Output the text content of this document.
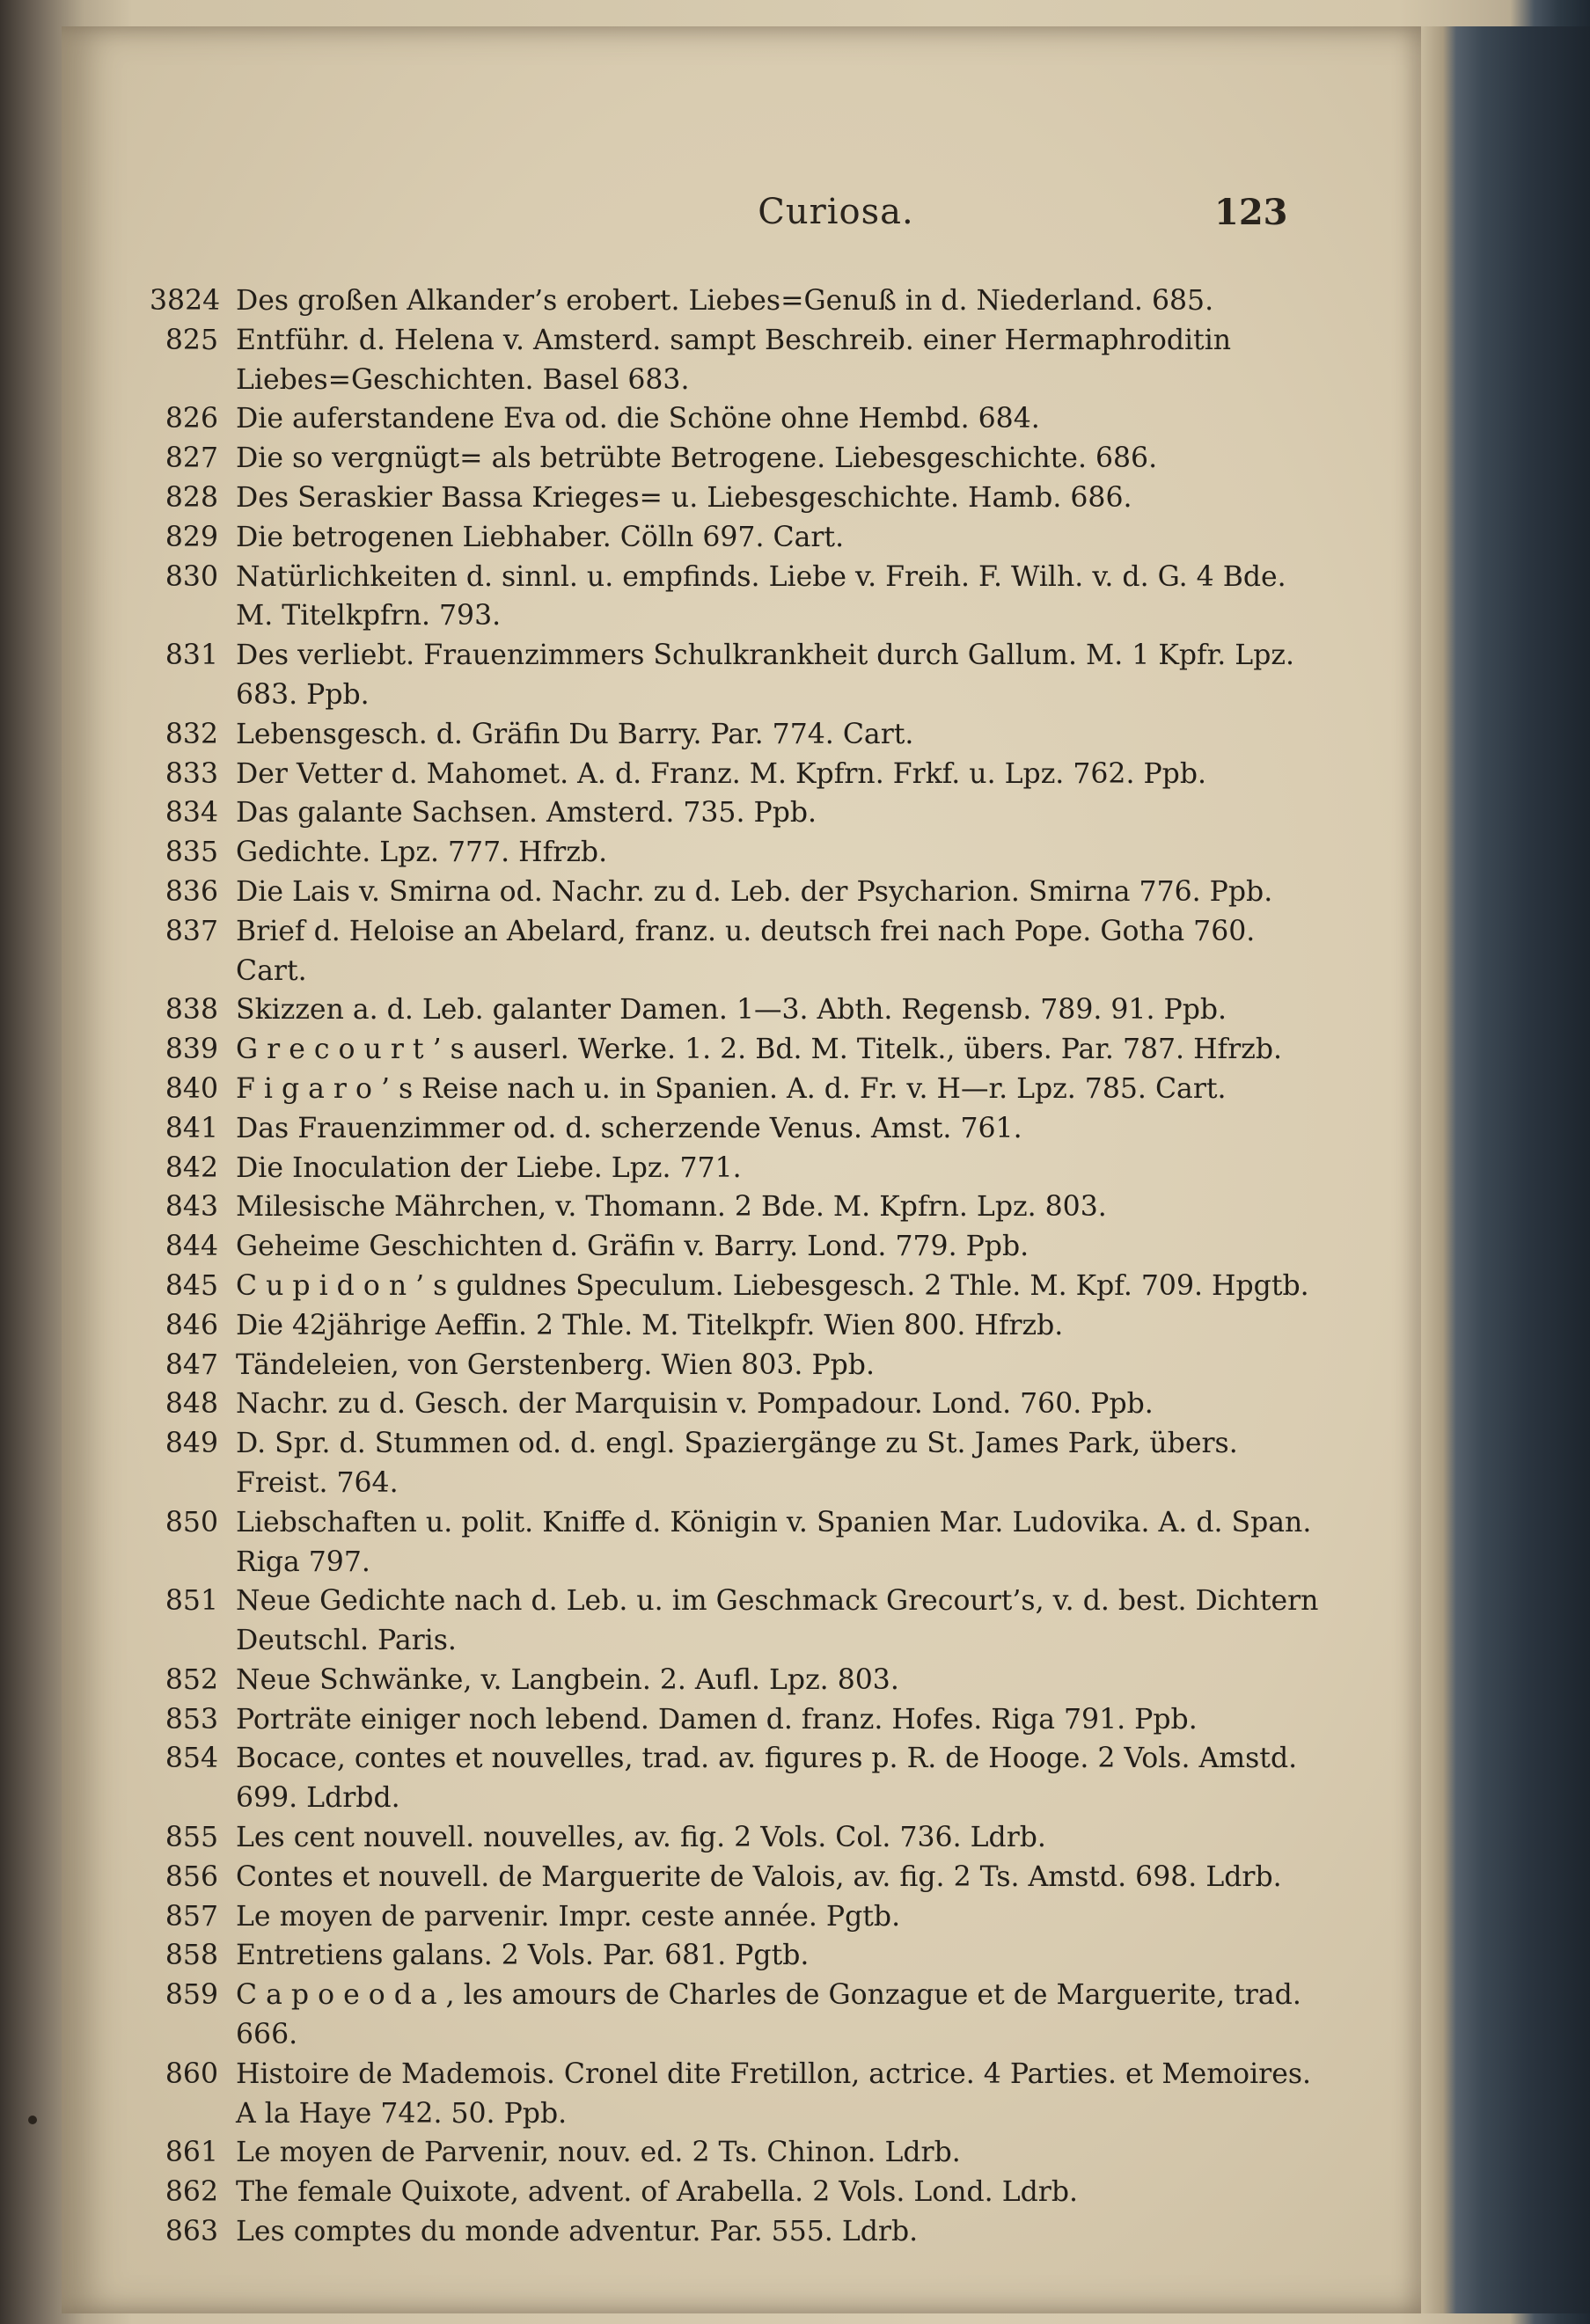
Curiosa.	123
3824 Des großen Alkander’s erobert. Liebes=Genuß in d. Niederland. 685.
825 Entführ. d. Helena v. Amsterd. sampt Beschreib. einer Hermaphroditin Liebes=Geschichten. Basel 683.
826 Die auferstandene Eva od. die Schöne ohne Hembd. 684.
827 Die so vergnügt= als betrübte Betrogene. Liebesgeschichte. 686.
828 Des Seraskier Bassa Krieges= u. Liebesgeschichte. Hamb. 686.
829 Die betrogenen Liebhaber. Cölln 697. Cart.
830 Natürlichkeiten d. sinnl. u. empfinds. Liebe v. Freih. F. Wilh. v. d. G. 4 Bde. M. Titelkpfrn. 793.
831 Des verliebt. Frauenzimmers Schulkrankheit durch Gallum. M. 1 Kpfr. Lpz. 683. Ppb.
832 Lebensgesch. d. Gräfin Du Barry. Par. 774. Cart.
833 Der Vetter d. Mahomet. A. d. Franz. M. Kpfrn. Frkf. u. Lpz. 762. Ppb.
834 Das galante Sachsen. Amsterd. 735. Ppb.
835 Gedichte. Lpz. 777. Hfrzb.
836 Die Lais v. Smirna od. Nachr. zu d. Leb. der Psycharion. Smirna 776. Ppb.
837 Brief d. Heloise an Abelard, franz. u. deutsch frei nach Pope. Gotha 760. Cart.
838 Skizzen a. d. Leb. galanter Damen. 1—3. Abth. Regensb. 789. 91. Ppb.
839 G r e c o u r t ’ s auserl. Werke. 1. 2. Bd. M. Titelk., übers. Par. 787. Hfrzb.
840 F i g a r o ’ s Reise nach u. in Spanien. A. d. Fr. v. H—r. Lpz. 785. Cart.
841 Das Frauenzimmer od. d. scherzende Venus. Amst. 761.
842 Die Inoculation der Liebe. Lpz. 771.
843 Milesische Mährchen, v. Thomann. 2 Bde. M. Kpfrn. Lpz. 803.
844 Geheime Geschichten d. Gräfin v. Barry. Lond. 779. Ppb.
845 C u p i d o n ’ s guldnes Speculum. Liebesgesch. 2 Thle. M. Kpf. 709. Hpgtb.
846 Die 42jährige Aeffin. 2 Thle. M. Titelkpfr. Wien 800. Hfrzb.
847 Tändeleien, von Gerstenberg. Wien 803. Ppb.
848 Nachr. zu d. Gesch. der Marquisin v. Pompadour. Lond. 760. Ppb.
849 D. Spr. d. Stummen od. d. engl. Spaziergänge zu St. James Park, übers. Freist. 764.
850 Liebschaften u. polit. Kniffe d. Königin v. Spanien Mar. Ludovika. A. d. Span. Riga 797.
851 Neue Gedichte nach d. Leb. u. im Geschmack Grecourt’s, v. d. best. Dichtern Deutschl. Paris.
852 Neue Schwänke, v. Langbein. 2. Aufl. Lpz. 803.
853 Porträte einiger noch lebend. Damen d. franz. Hofes. Riga 791. Ppb.
854 Bocace, contes et nouvelles, trad. av. figures p. R. de Hooge. 2 Vols. Amstd. 699. Ldrbd.
855 Les cent nouvell. nouvelles, av. fig. 2 Vols. Col. 736. Ldrb.
856 Contes et nouvell. de Marguerite de Valois, av. fig. 2 Ts. Amstd. 698. Ldrb.
857 Le moyen de parvenir. Impr. ceste année. Pgtb.
858 Entretiens galans. 2 Vols. Par. 681. Pgtb.
859 C a p o e o d a , les amours de Charles de Gonzague et de Marguerite, trad. 666.
860 Histoire de Mademois. Cronel dite Fretillon, actrice. 4 Parties. et Memoires. A la Haye 742. 50. Ppb.
861 Le moyen de Parvenir, nouv. ed. 2 Ts. Chinon. Ldrb.
862 The female Quixote, advent. of Arabella. 2 Vols. Lond. Ldrb.
863 Les comptes du monde adventur. Par. 555. Ldrb.
